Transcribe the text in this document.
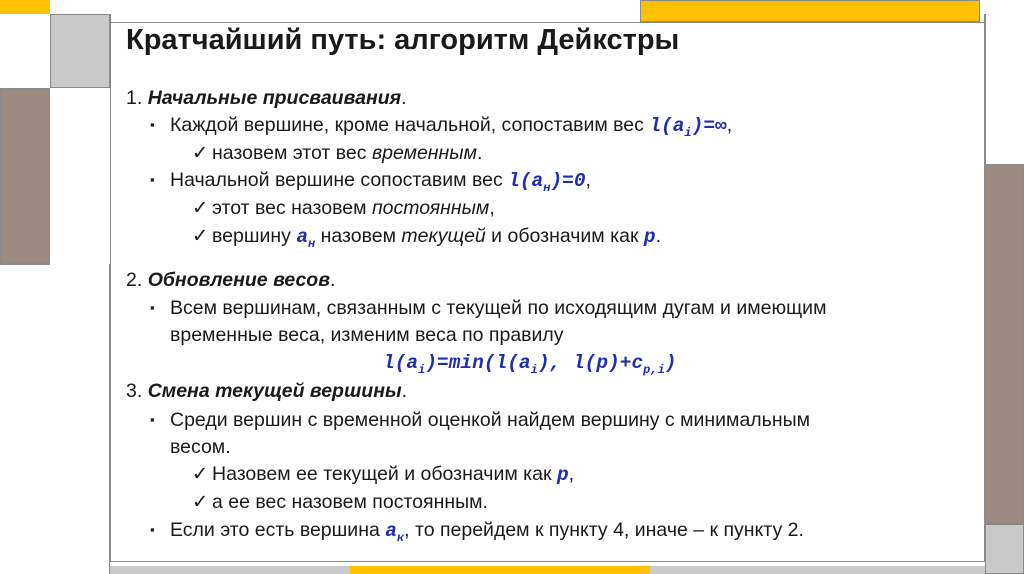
Кратчайший путь: алгоритм Дейкстры
1. Начальные присваивания.
▪ Каждой вершине, кроме начальной, сопоставим вес $l(a_i)=\infty$,
✓ назовем этот вес временным.
▪ Начальной вершине сопоставим вес $l(a_н)=0$,
✓ этот вес назовем постоянным,
✓ вершину $a_н$ назовем текущей и обозначим как p.
2. Обновление весов.
▪ Всем вершинам, связанным с текущей по исходящим дугам и имеющим
временные веса, изменим веса по правилу
$l(a_i)=\min(l(a_i)$, $l(p)+c_{p,i}$)
3. Смена текущей вершины.
▪ Среди вершин с временной оценкой найдем вершину с минимальным
весом.
✓ Назовем ее текущей и обозначим как p,
✓ а ее вес назовем постоянным.
▪ Если это есть вершина $a_к$, то перейдем к пункту 4, иначе – к пункту 2.
